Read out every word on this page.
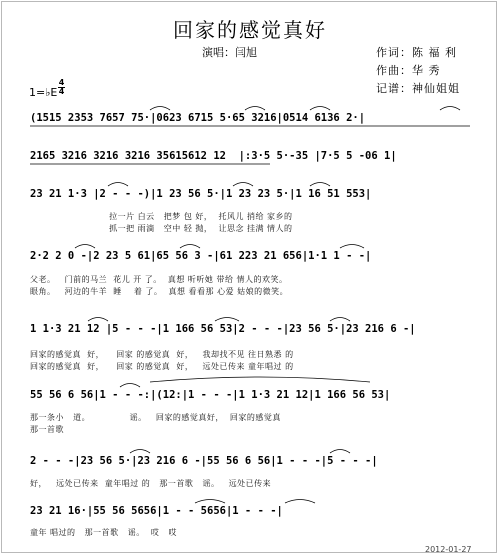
回家的感觉真好
演唱：闫旭	作词：陈 福 利
作曲：华 秀
记谱：神仙姐姐
1=♭E
4
4
(1515 2353 7657 75·|0623 6715 5·65 3216|0514 6136 2·|
2165 3216 3216 3216 35615612 12  |:3·5 5·-35 |7·5 5 -06 1|
23 21 1·3 |2 - - -)|1 23 56 5·|1 23 23 5·|1 16 51 553|
拉一片 白云   把梦 包 好，  托风儿 捎给 家乡的
抓一把 雨滴   空中 轻 抛，  让思念 挂满 情人的
2·2 2 0 -|2 23 5 61|65 56 3 -|61 223 21 656|1·1 1 - -|
父老。   门前的马兰  花儿 开 了。  真想 听听她 带给 情人的欢笑。
眼角。   河边的牛羊  睡    着 了。  真想 看看那 心爱 姑娘的微笑。
1 1·3 21 12 |5 - - -|1 166 56 53|2 - - -|23 56 5·|23 216 6 -|
回家的感觉真  好，    回家 的感觉真  好，   我却找不见 往日熟悉 的
回家的感觉真  好，    回家 的感觉真  好，   远处已传来 童年唱过 的
55 56 6 56|1 - - -:|(12:|1 - - -|1 1·3 21 12|1 166 56 53|
那一条小   道。             谣。   回家的感觉真好，  回家的感觉真
那一首歌
2 - - -|23 56 5·|23 216 6 -|55 56 6 56|1 - - -|5 - - -|
好，   远处已传来  童年唱过 的   那一首歌   谣。   远处已传来
23 21 16·|55 56 5656|1 - - 5656|1 - - -|
童年 唱过的   那一首歌   谣。  哎   哎
2012-01-27
